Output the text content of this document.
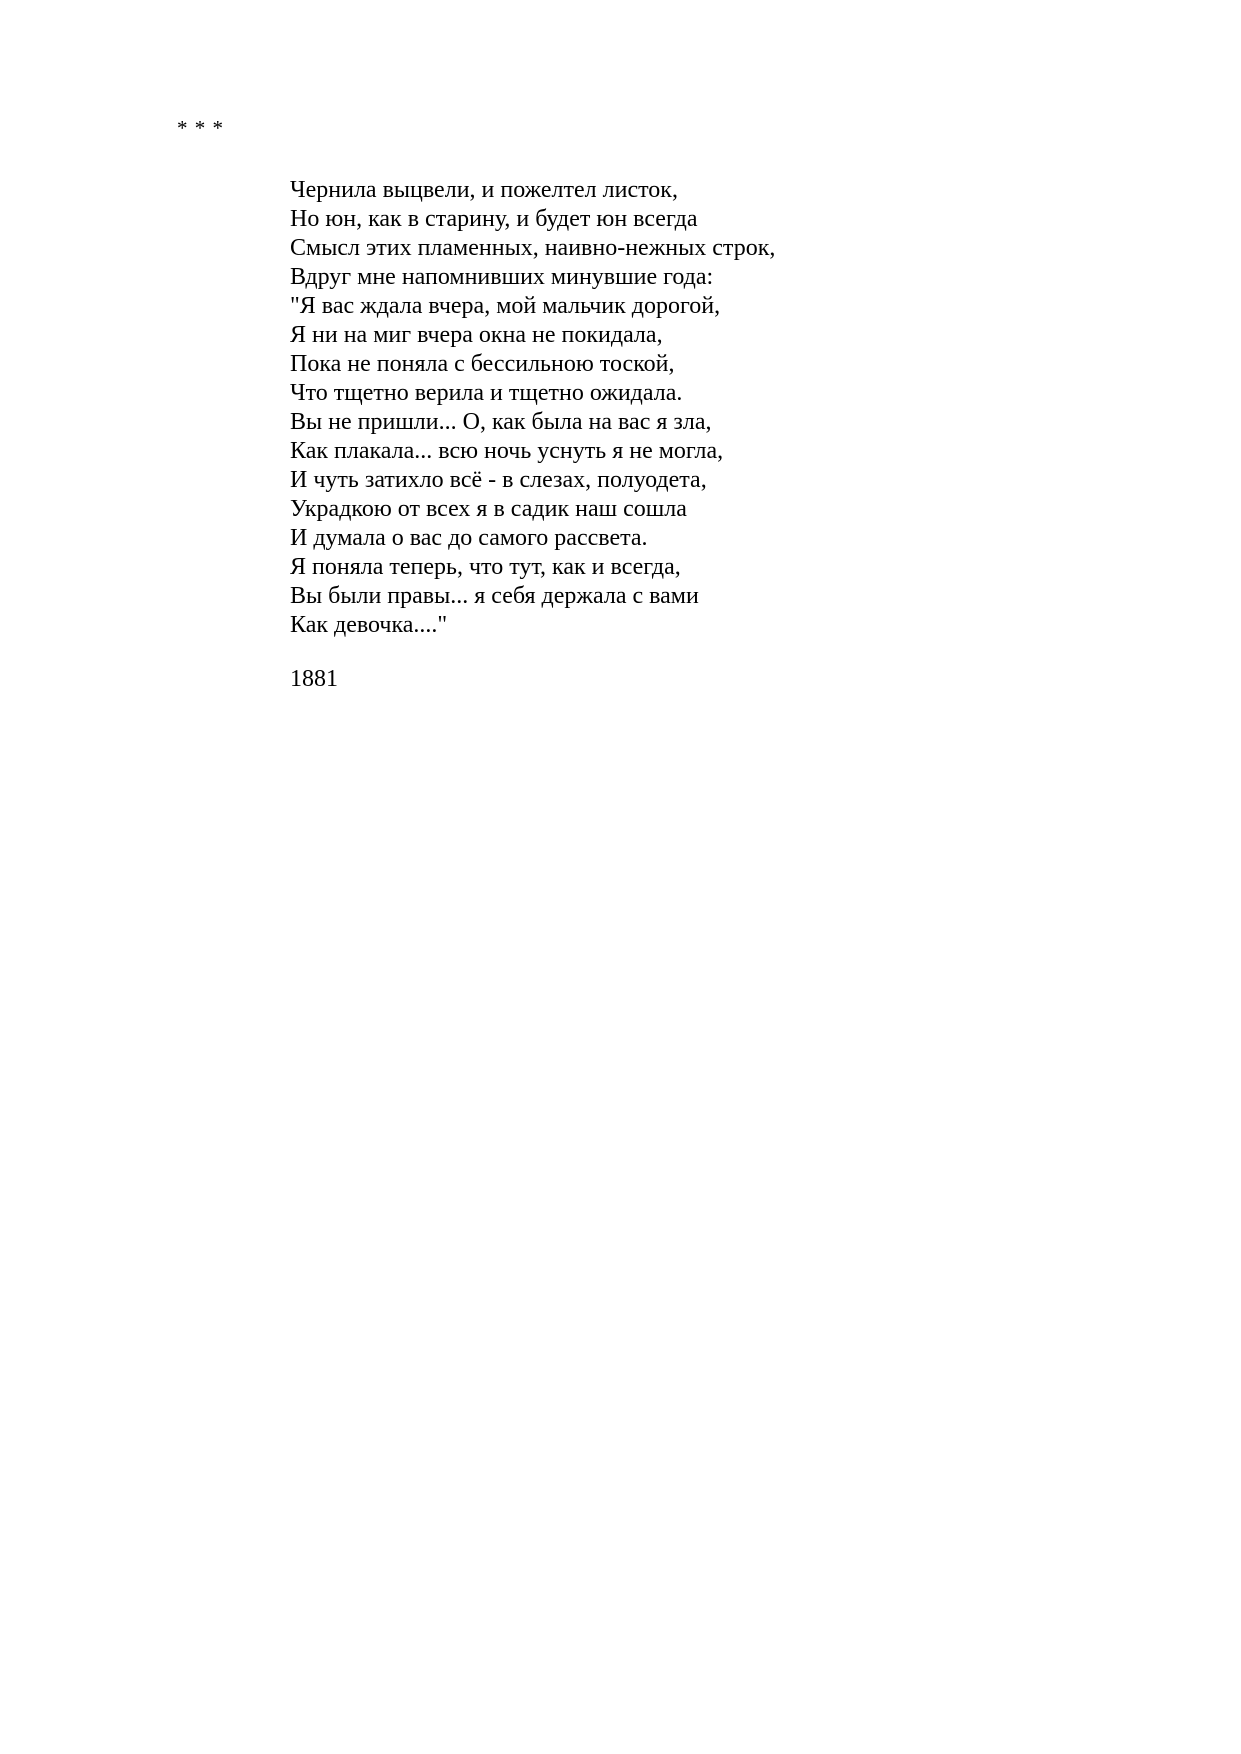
* * *
Чернила выцвели, и пожелтел листок,
Но юн, как в старину, и будет юн всегда
Смысл этих пламенных, наивно-нежных строк,
Вдруг мне напомнивших минувшие года:
"Я вас ждала вчера, мой мальчик дорогой,
Я ни на миг вчера окна не покидала,
Пока не поняла с бессильною тоской,
Что тщетно верила и тщетно ожидала.
Вы не пришли... О, как была на вас я зла,
Как плакала... всю ночь уснуть я не могла,
И чуть затихло всё - в слезах, полуодета,
Украдкою от всех я в садик наш сошла
И думала о вас до самого рассвета.
Я поняла теперь, что тут, как и всегда,
Вы были правы... я себя держала с вами
Как девочка...."
1881
